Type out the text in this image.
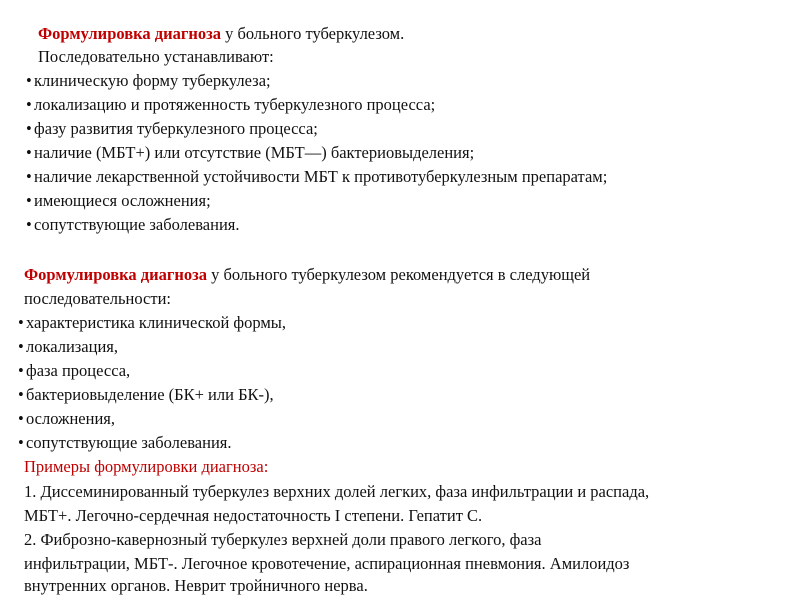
Формулировка диагноза у больного туберкулезом.
Последовательно устанавливают:
• клиническую форму туберкулеза;
• локализацию и протяженность туберкулезного процесса;
• фазу развития туберкулезного процесса;
• наличие (МБТ+) или отсутствие (МБТ—) бактериовыделения;
• наличие лекарственной устойчивости МБТ к противотуберкулезным препаратам;
• имеющиеся осложнения;
• сопутствующие заболевания.
Формулировка диагноза у больного туберкулезом рекомендуется в следующей
последовательности:
• характеристика клинической формы,
• локализация,
• фаза процесса,
• бактериовыделение (БК+ или БК-),
• осложнения,
• сопутствующие заболевания.
Примеры формулировки диагноза:
1. Диссеминированный туберкулез верхних долей легких, фаза инфильтрации и распада,
МБТ+. Легочно-сердечная недостаточность I степени. Гепатит С.
2. Фиброзно-кавернозный туберкулез верхней доли правого легкого, фаза
инфильтрации, МБТ-. Легочное кровотечение, аспирационная пневмония. Амилоидоз
внутренних органов. Неврит тройничного нерва.
